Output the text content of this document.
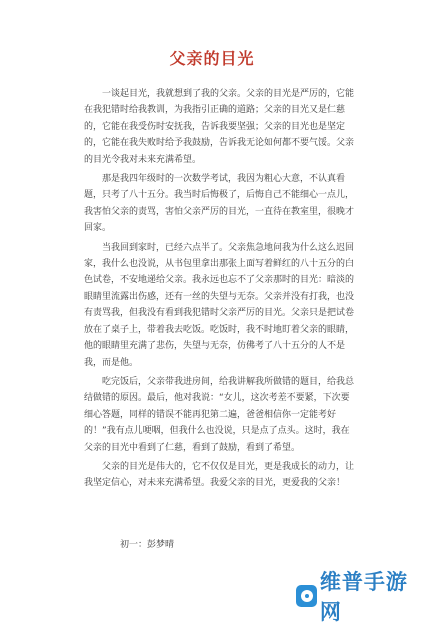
父亲的目光

一谈起目光，我就想到了我的父亲。父亲的目光是严厉的，它能在我犯错时给我教训，为我指引正确的道路；父亲的目光又是仁慈的，它能在我受伤时安抚我，告诉我要坚强；父亲的目光也是坚定的，它能在我失败时给予我鼓励，告诉我无论如何都不要气馁。父亲的目光令我对未来充满希望。

那是我四年级时的一次数学考试，我因为粗心大意，不认真看题，只考了八十五分。我当时后悔极了，后悔自己不能细心一点儿，我害怕父亲的责骂，害怕父亲严厉的目光，一直待在教室里，很晚才回家。

当我回到家时，已经六点半了。父亲焦急地问我为什么这么迟回家，我什么也没说，从书包里拿出那张上面写着鲜红的八十五分的白色试卷，不安地递给父亲。我永远也忘不了父亲那时的目光：暗淡的眼睛里流露出伤感，还有一丝的失望与无奈。父亲并没有打我，也没有责骂我，但我没有看到我犯错时父亲严厉的目光。父亲只是把试卷放在了桌子上，带着我去吃饭。吃饭时，我不时地盯着父亲的眼睛，他的眼睛里充满了悲伤，失望与无奈，仿佛考了八十五分的人不是我，而是他。

吃完饭后，父亲带我进房间，给我讲解我所做错的题目，给我总结做错的原因。最后，他对我说：“女儿，这次考差不要紧，下次要细心答题，同样的错误不能再犯第二遍，爸爸相信你一定能考好的！”我有点儿哽咽，但我什么也没说，只是点了点头。这时，我在父亲的目光中看到了仁慈，看到了鼓励，看到了希望。

父亲的目光是伟大的，它不仅仅是目光，更是我成长的动力，让我坚定信心，对未来充满希望。我爱父亲的目光，更爱我的父亲！

初一：彭梦晴
维普手游网
